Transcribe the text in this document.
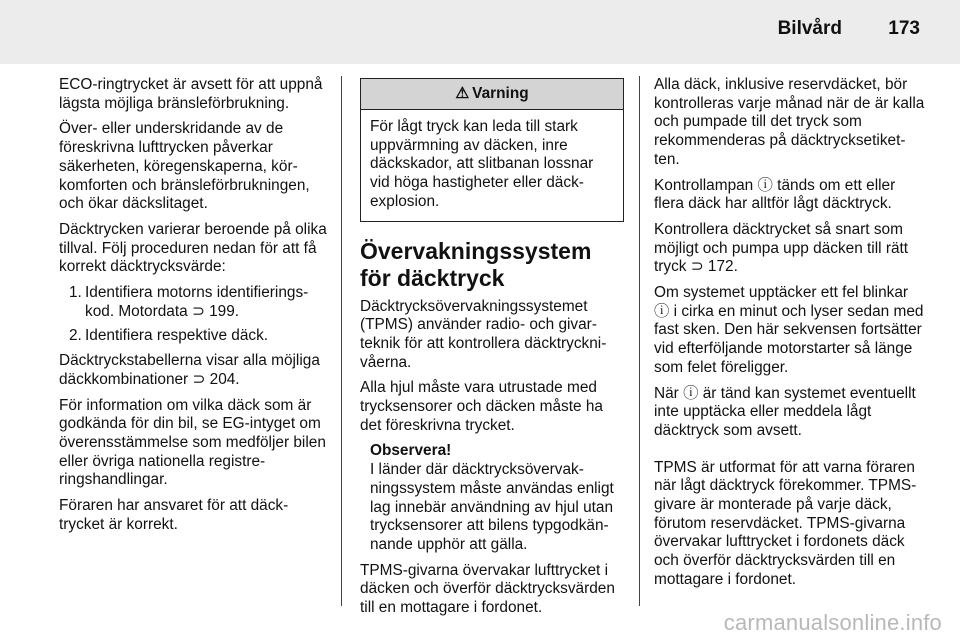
Bilvård 173

ECO-ringtrycket är avsett för att uppnå lägsta möjliga bränsleförbrukning.

Över- eller underskridande av de föreskrivna lufttrycken påverkar säkerheten, köregenskaperna, körkomforten och bränsleförbrukningen, och ökar däckslitaget.

Däcktrycken varierar beroende på olika tillval. Följ proceduren nedan för att få korrekt däcktrycksvärde:

1. Identifiera motorns identifieringskod. Motordata ⊃ 199.
2. Identifiera respektive däck.

Däcktryckstabellerna visar alla möjliga däckkombinationer ⊃ 204.

För information om vilka däck som är godkända för din bil, se EG-intyget om överensstämmelse som medföljer bilen eller övriga nationella registreringshandlingar.

Föraren har ansvaret för att däcktrycket är korrekt.

⚠ Varning
För lågt tryck kan leda till stark uppvärmning av däcken, inre däckskador, att slitbanan lossnar vid höga hastigheter eller däckexplosion.
Övervakningssystem för däcktryck

Däcktrycksövervakningssystemet (TPMS) använder radio- och givarteknik för att kontrollera däcktrycknivåerna.

Alla hjul måste vara utrustade med trycksensorer och däcken måste ha det föreskrivna trycket.

Observera!
I länder där däcktrycksövervakningssystem måste användas enligt lag innebär användning av hjul utan trycksensorer att bilens typgodkännande upphör att gälla.

TPMS-givarna övervakar lufttrycket i däcken och överför däcktrycksvärden till en mottagare i fordonet.

Alla däck, inklusive reservdäcket, bör kontrolleras varje månad när de är kalla och pumpade till det tryck som rekommenderas på däcktrycksetiketten.

Kontrollampan ⓘ tänds om ett eller flera däck har alltför lågt däcktryck.

Kontrollera däcktrycket så snart som möjligt och pumpa upp däcken till rätt tryck ⊃ 172.

Om systemet upptäcker ett fel blinkar ⓘ i cirka en minut och lyser sedan med fast sken. Den här sekvensen fortsätter vid efterföljande motorstarter så länge som felet föreligger.

När ⓘ är tänd kan systemet eventuellt inte upptäcka eller meddela lågt däcktryck som avsett.

TPMS är utformat för att varna föraren när lågt däcktryck förekommer. TPMS-givare är monterade på varje däck, förutom reservdäcket. TPMS-givarna övervakar lufttrycket i fordonets däck och överför däcktrycksvärden till en mottagare i fordonet.

carmanualsonline.info
